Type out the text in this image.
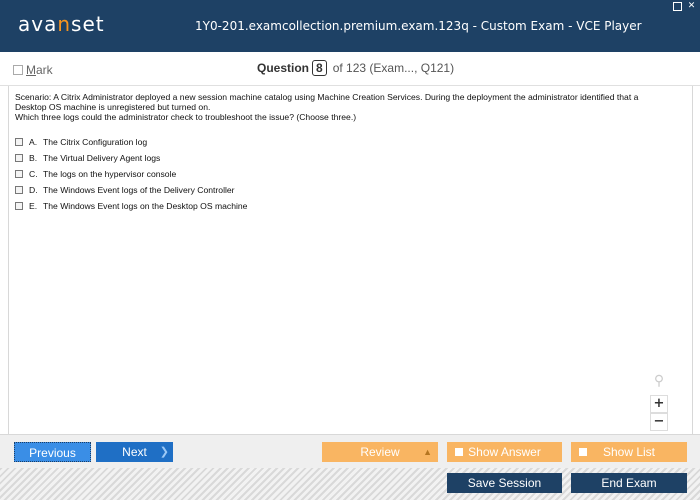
avanset	1Y0-201.examcollection.premium.exam.123q - Custom Exam - VCE Player
✕
Mark	Question 8 of 123 (Exam..., Q121)
Scenario: A Citrix Administrator deployed a new session machine catalog using Machine Creation Services. During the deployment the administrator identified that a
Desktop OS machine is unregistered but turned on.
Which three logs could the administrator check to troubleshoot the issue? (Choose three.)
A. The Citrix Configuration log
B. The Virtual Delivery Agent logs
C. The logs on the hypervisor console
D. The Windows Event logs of the Delivery Controller
E. The Windows Event logs on the Desktop OS machine
⚲
+
−
Previous	Next ❯	Review	▲	Show Answer	Show List
Save Session	End Exam
